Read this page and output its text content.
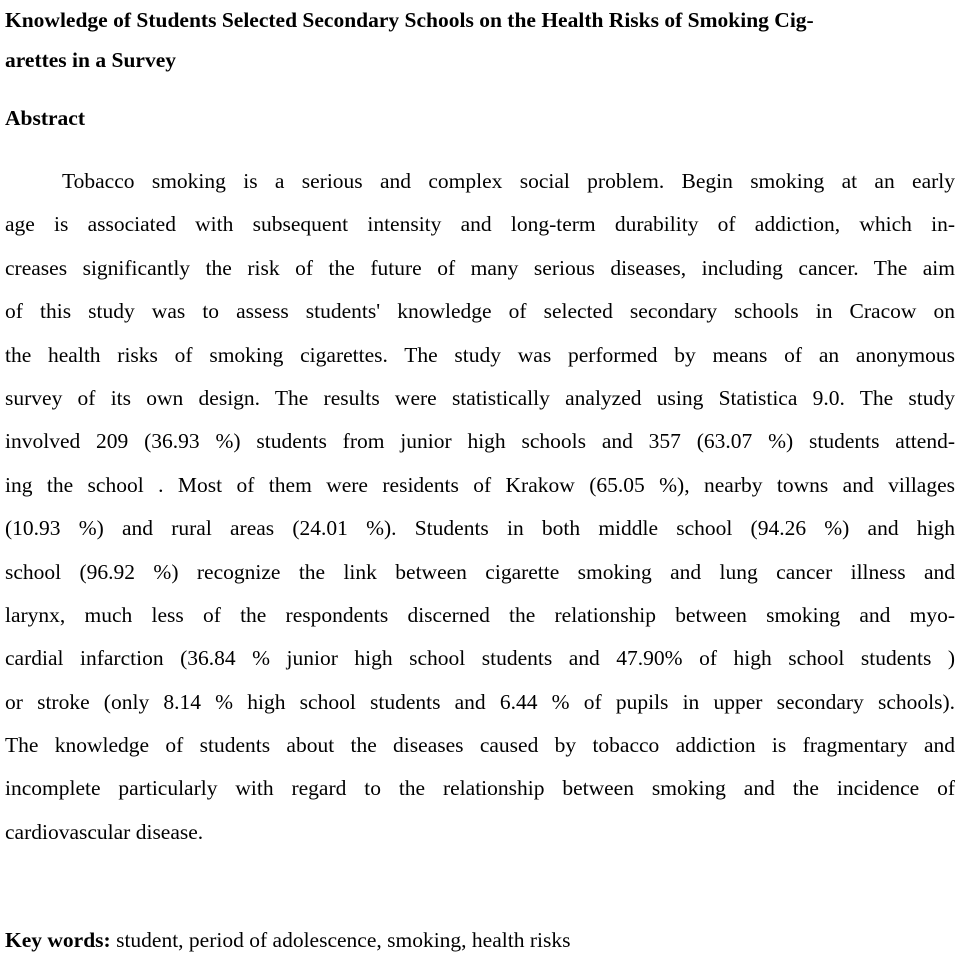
Knowledge of Students Selected Secondary Schools on the Health Risks of Smoking Cig-
arettes in a Survey
Abstract
Tobacco smoking is a serious and complex social problem. Begin smoking at an early
age is associated with subsequent intensity and long-term durability of addiction, which in-
creases significantly the risk of the future of many serious diseases, including cancer. The aim
of this study was to assess students' knowledge of selected secondary schools in Cracow on
the health risks of smoking cigarettes. The study was performed by means of an anonymous
survey of its own design. The results were statistically analyzed using Statistica 9.0. The study
involved 209 (36.93 %) students from junior high schools and 357 (63.07 %) students attend-
ing the school . Most of them were residents of Krakow (65.05 %), nearby towns and villages
(10.93 %) and rural areas (24.01 %). Students in both middle school (94.26 %) and high
school (96.92 %) recognize the link between cigarette smoking and lung cancer illness and
larynx, much less of the respondents discerned the relationship between smoking and myo-
cardial infarction (36.84 % junior high school students and 47.90% of high school students )
or stroke (only 8.14 % high school students and 6.44 % of pupils in upper secondary schools).
The knowledge of students about the diseases caused by tobacco addiction is fragmentary and
incomplete particularly with regard to the relationship between smoking and the incidence of
cardiovascular disease.

Key words: student, period of adolescence, smoking, health risks
